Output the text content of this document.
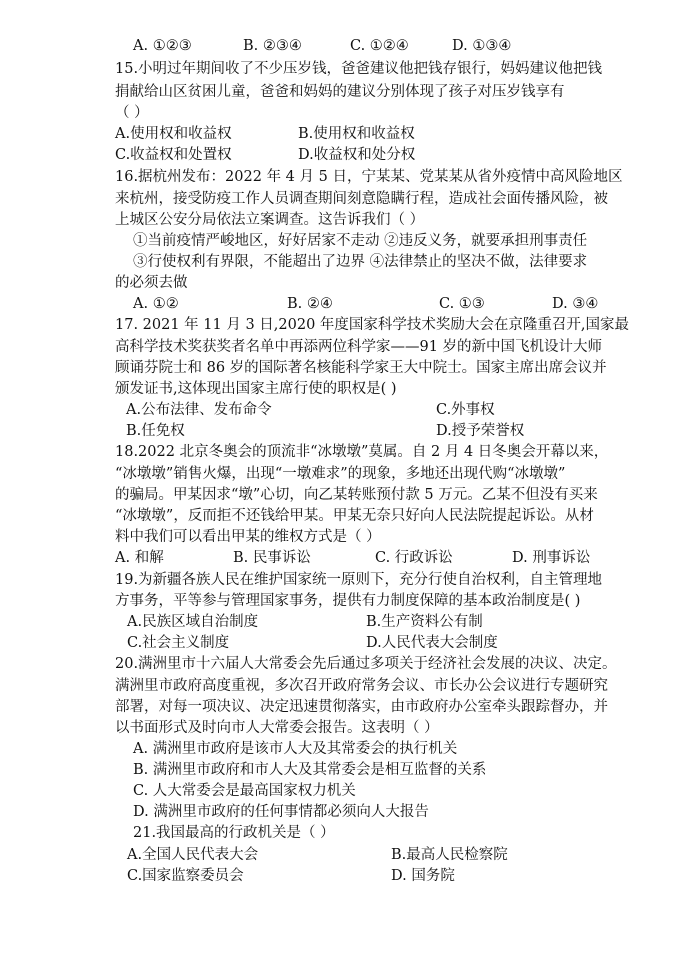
A. ①②③	B. ②③④	C. ①②④	D. ①③④
15.小明过年期间收了不少压岁钱，爸爸建议他把钱存银行，妈妈建议他把钱
捐献给山区贫困儿童，爸爸和妈妈的建议分别体现了孩子对压岁钱享有
（ ）
A.使用权和收益权	B.使用权和收益权
C.收益权和处置权	D.收益权和处分权
16.据杭州发布：2022 年 4 月 5 日，宁某某、党某某从省外疫情中高风险地区
来杭州，接受防疫工作人员调查期间刻意隐瞒行程，造成社会面传播风险，被
上城区公安分局依法立案调查。这告诉我们（ ）
①当前疫情严峻地区，好好居家不走动 ②违反义务，就要承担刑事责任
③行使权利有界限，不能超出了边界 ④法律禁止的坚决不做，法律要求
的必须去做
A. ①②	B. ②④	C. ①③	D. ③④
17. 2021 年 11 月 3 日,2020 年度国家科学技术奖励大会在京隆重召开,国家最
高科学技术奖获奖者名单中再添两位科学家——91 岁的新中国飞机设计大师
顾诵芬院士和 86 岁的国际著名核能科学家王大中院士。国家主席出席会议并
颁发证书,这体现出国家主席行使的职权是( )
A.公布法律、发布命令	C.外事权
B.任免权	D.授予荣誉权
18.2022 北京冬奥会的顶流非“冰墩墩”莫属。自 2 月 4 日冬奥会开幕以来，
“冰墩墩”销售火爆，出现“一墩难求”的现象，多地还出现代购“冰墩墩”
的骗局。甲某因求“墩”心切，向乙某转账预付款 5 万元。乙某不但没有买来
“冰墩墩”，反而拒不还钱给甲某。甲某无奈只好向人民法院提起诉讼。从材
料中我们可以看出甲某的维权方式是（ ）
A. 和解	B. 民事诉讼	C. 行政诉讼	D. 刑事诉讼
19.为新疆各族人民在维护国家统一原则下，充分行使自治权利，自主管理地
方事务，平等参与管理国家事务，提供有力制度保障的基本政治制度是( )
A.民族区域自治制度	B.生产资料公有制
C.社会主义制度	D.人民代表大会制度
20.满洲里市十六届人大常委会先后通过多项关于经济社会发展的决议、决定。
满洲里市政府高度重视，多次召开政府常务会议、市长办公会议进行专题研究
部署，对每一项决议、决定迅速贯彻落实，由市政府办公室牵头跟踪督办，并
以书面形式及时向市人大常委会报告。这表明（ ）
A. 满洲里市政府是该市人大及其常委会的执行机关
B. 满洲里市政府和市人大及其常委会是相互监督的关系
C. 人大常委会是最高国家权力机关
D. 满洲里市政府的任何事情都必须向人大报告
21.我国最高的行政机关是（ ）
A.全国人民代表大会	B.最高人民检察院
C.国家监察委员会	D. 国务院
